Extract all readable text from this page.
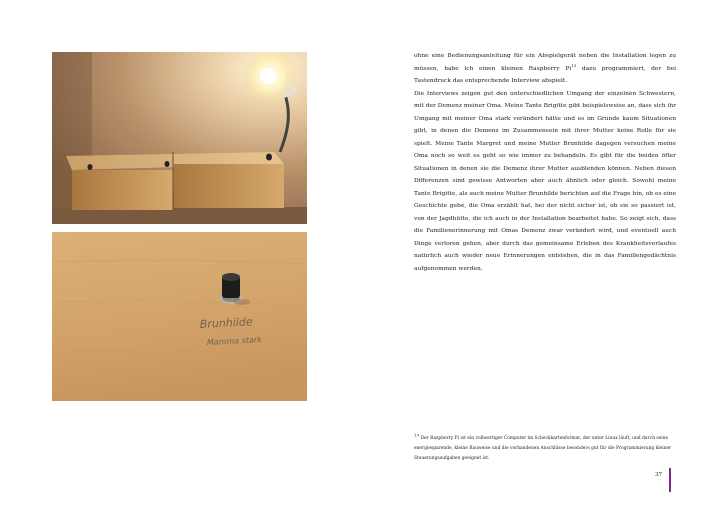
Brunhilde
Mamma stark

ohne eine Bedienungsanleitung für ein Abspielgerät neben die Installation legen zu müssen, habe ich einen kleinen Raspberry Pi$^{13}$ dazu programmiert, der bei Tastendruck das entsprechende Interview abspielt.

Die Interviews zeigen gut den unterschiedlichen Umgang der einzelnen Schwestern, mit der Demenz meiner Oma. Meine Tante Brigitte gibt beispielsweise an, dass sich ihr Umgang mit meiner Oma stark verändert hätte und es im Grunde kaum Situationen gibt, in denen die Demenz im Zusammensein mit ihrer Mutter keine Rolle für sie spielt. Meine Tante Margret und meine Mutter Brunhilde dagegen versuchen meine Oma noch so weit es geht so wie immer zu behandeln. Es gibt für die beiden öfter Situationen in denen sie die Demenz ihrer Mutter ausblenden können. Neben diesen Differenzen sind gewisse Antworten aber auch ähnlich oder gleich. Sowohl meine Tante Brigitte, als auch meine Mutter Brunhilde berichten auf die Frage hin, ob es eine Geschichte gebe, die Oma erzählt hat, bei der nicht sicher ist, ob sie so passiert ist, von der Jagdhütte, die ich auch in der Installation bearbeitet habe. So zeigt sich, dass die Familienerinnerung mit Omas Demenz zwar verändert wird, und eventuell auch Dinge verloren gehen, aber durch das gemeinsame Erleben des Krankheitsverlaufes natürlich auch wieder neue Erinnerungen entstehen, die in das Familiengedächtnis aufgenommen werden.

13 Der Raspberry Pi ist ein vollwertiger Computer im Scheckkartenformat, der unter Linux läuft, und durch seine energiesparende, kleine Bauweise und die vorhandenen Anschlüsse besonders gut für die Programmierung kleiner Steuerungsaufgaben geeignet ist.
37
